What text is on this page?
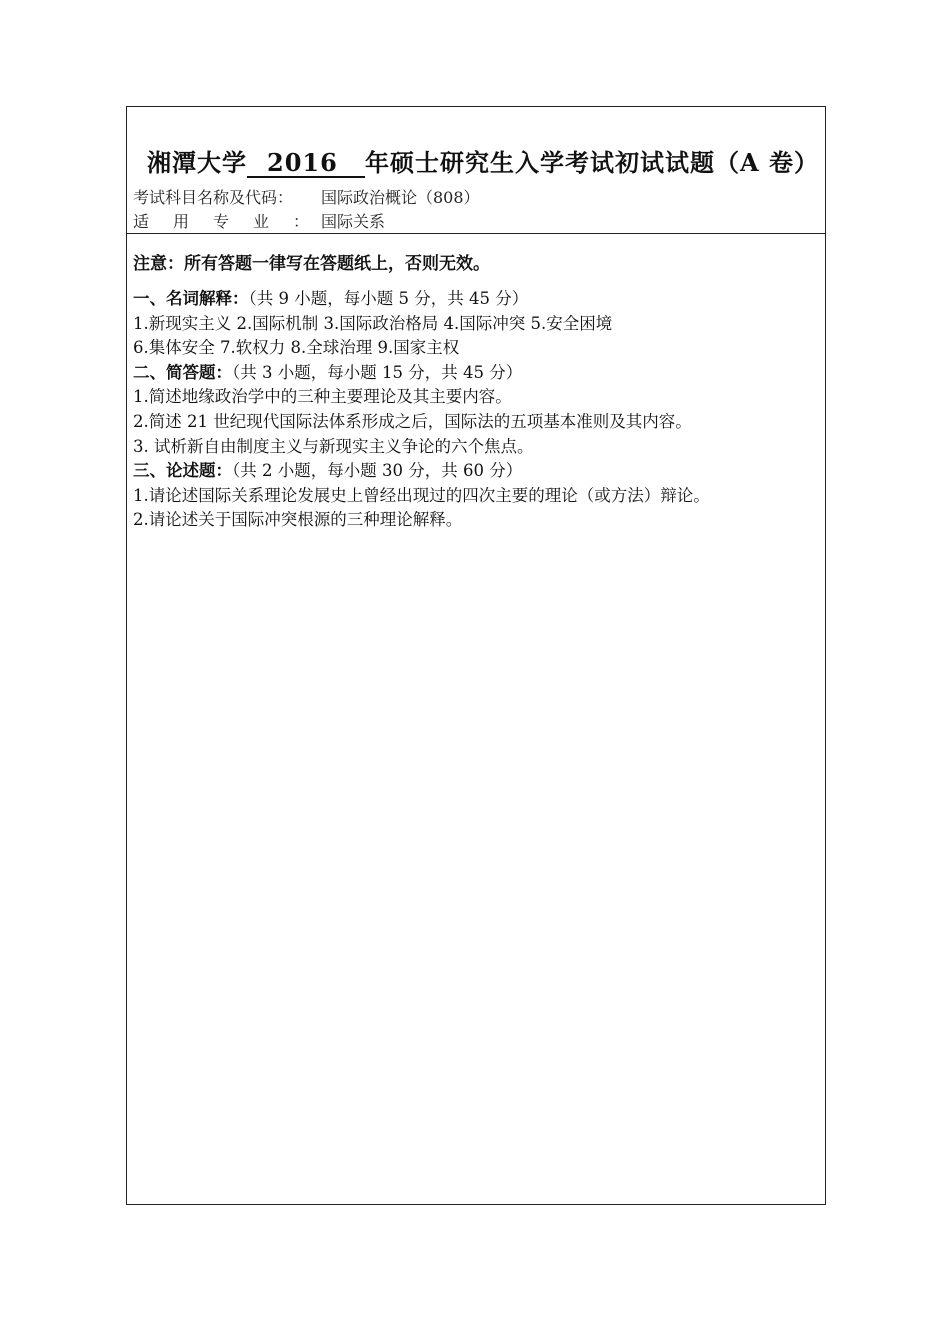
湘潭大学 2016 年硕士研究生入学考试初试试题（A 卷）
考试科目名称及代码： 国际政治概论（808）
适用专业：国际关系
注意：所有答题一律写在答题纸上，否则无效。
一、名词解释：（共 9 小题，每小题 5 分，共 45 分）
1.新现实主义 2.国际机制 3.国际政治格局 4.国际冲突 5.安全困境
6.集体安全 7.软权力 8.全球治理 9.国家主权
二、简答题：（共 3 小题，每小题 15 分，共 45 分）
1.简述地缘政治学中的三种主要理论及其主要内容。
2.简述 21 世纪现代国际法体系形成之后，国际法的五项基本准则及其内容。
3. 试析新自由制度主义与新现实主义争论的六个焦点。
三、论述题：（共 2 小题，每小题 30 分，共 60 分）
1.请论述国际关系理论发展史上曾经出现过的四次主要的理论（或方法）辩论。
2.请论述关于国际冲突根源的三种理论解释。
